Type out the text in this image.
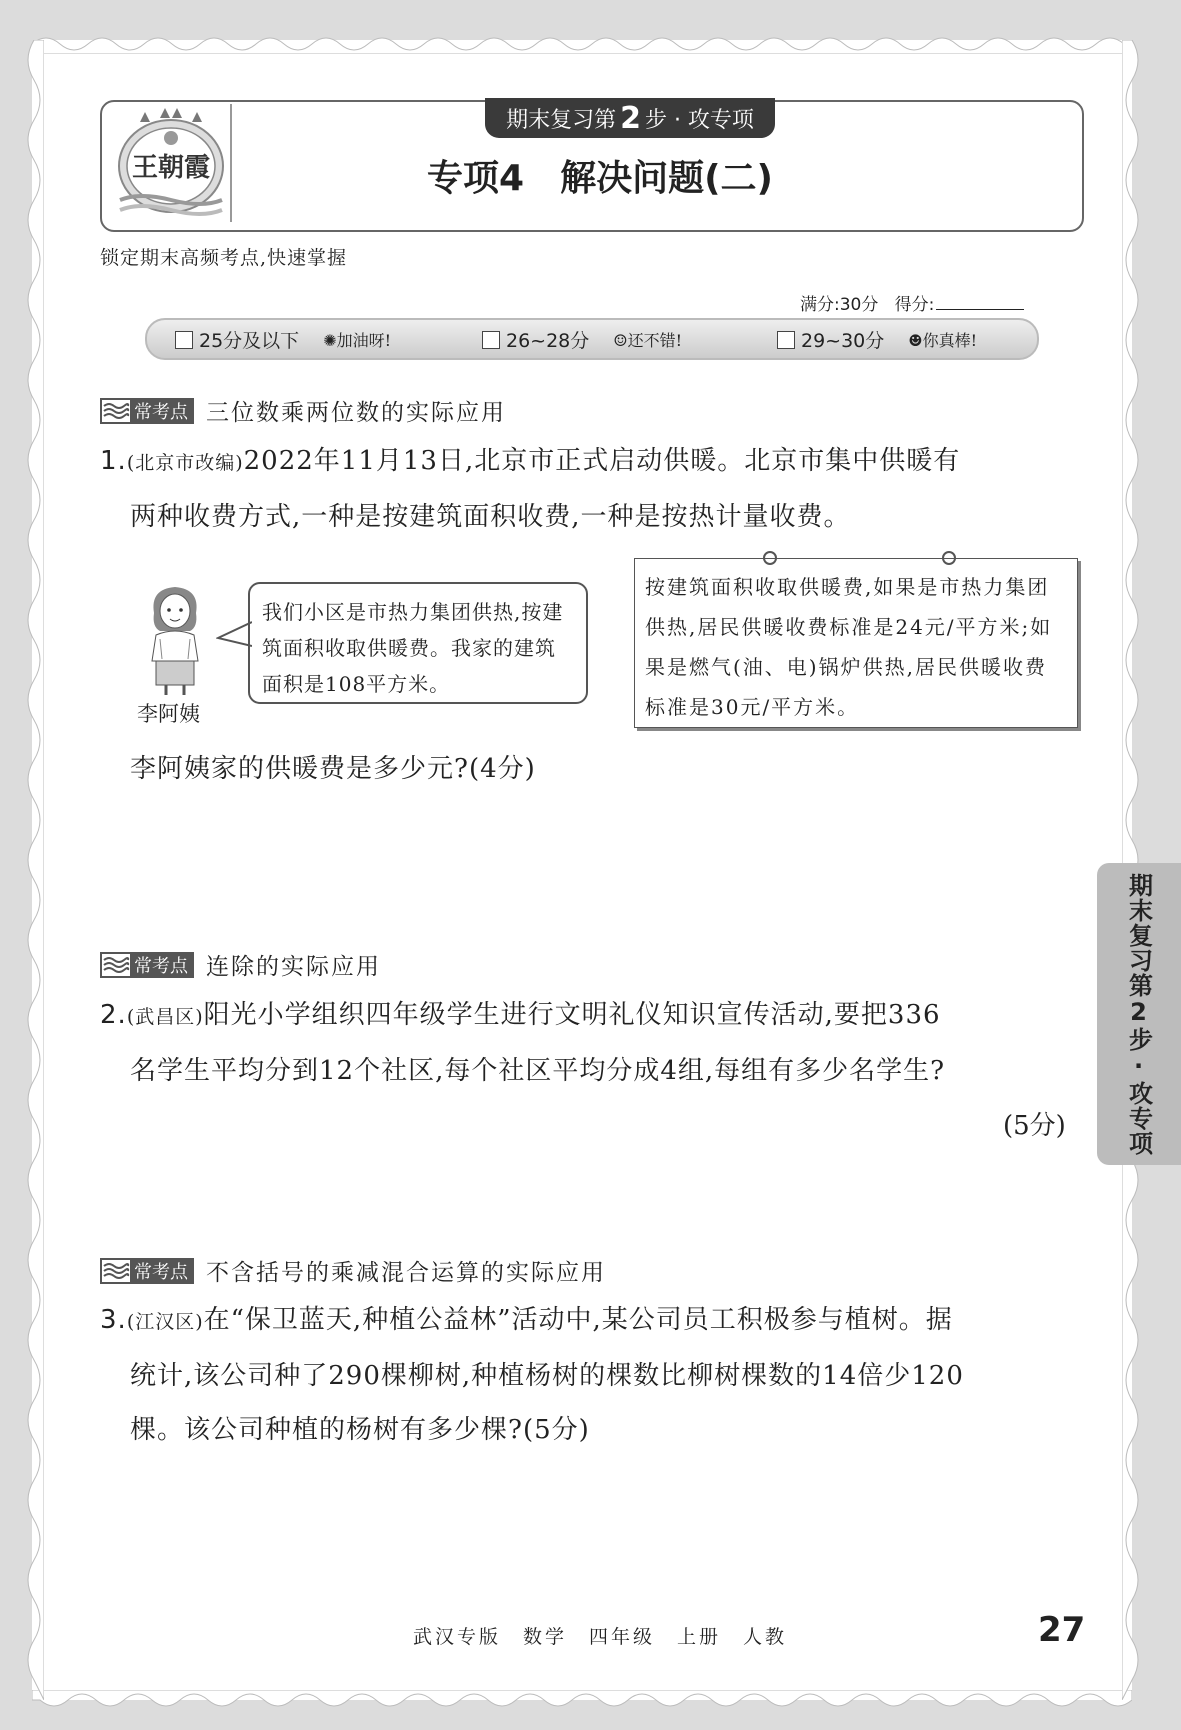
王朝霞
期末复习第 2 步 · 攻专项
专项4　解决问题(二)
锁定期末高频考点,快速掌握
满分:30分 得分:
25分及以下 ✺加油呀!	26~28分 ☺还不错!	29~30分 ☻你真棒!
常考点 三位数乘两位数的实际应用

1.(北京市改编)2022年11月13日,北京市正式启动供暖。北京市集中供暖有

两种收费方式,一种是按建筑面积收费,一种是按热计量收费。

李阿姨
我们小区是市热力集团供热,按建筑面积收取供暖费。我家的建筑面积是108平方米。
按建筑面积收取供暖费,如果是市热力集团供热,居民供暖收费标准是24元/平方米;如果是燃气(油、电)锅炉供热,居民供暖收费标准是30元/平方米。

李阿姨家的供暖费是多少元?(4分)

常考点 连除的实际应用

2.(武昌区)阳光小学组织四年级学生进行文明礼仪知识宣传活动,要把336

名学生平均分到12个社区,每个社区平均分成4组,每组有多少名学生?

(5分)
常考点 不含括号的乘减混合运算的实际应用

3.(江汉区)在“保卫蓝天,种植公益林”活动中,某公司员工积极参与植树。据

统计,该公司种了290棵柳树,种植杨树的棵数比柳树棵数的14倍少120

棵。该公司种植的杨树有多少棵?(5分)

期末复习第2步·攻专项
武汉专版　数学　四年级　上册　人教	27
